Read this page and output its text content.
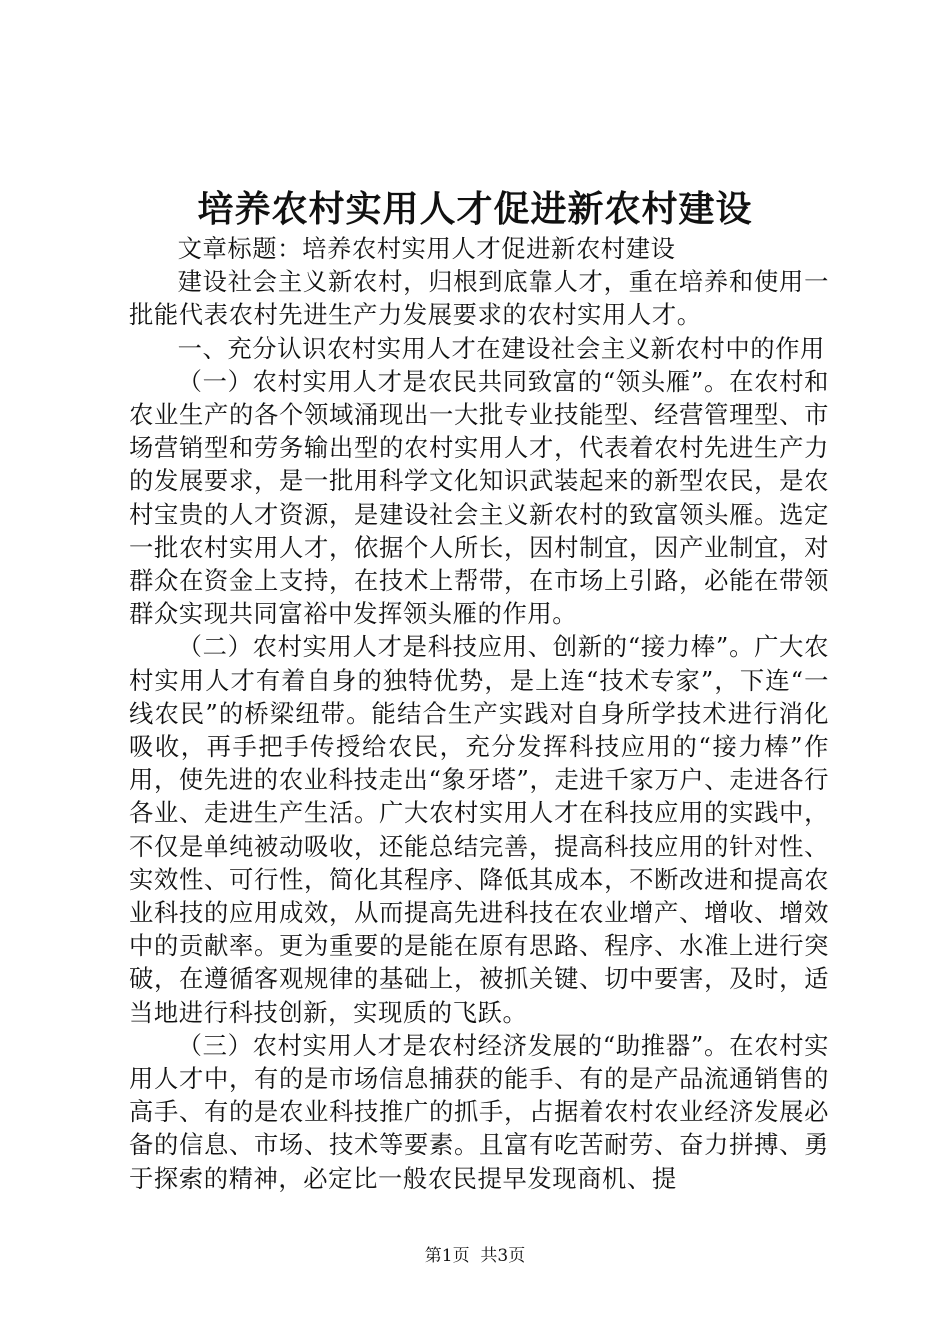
培养农村实用人才促进新农村建设

文章标题：培养农村实用人才促进新农村建设

建设社会主义新农村，归根到底靠人才，重在培养和使用一批能代表农村先进生产力发展要求的农村实用人才。

一、充分认识农村实用人才在建设社会主义新农村中的作用

（一）农村实用人才是农民共同致富的“领头雁”。在农村和农业生产的各个领域涌现出一大批专业技能型、经营管理型、市场营销型和劳务输出型的农村实用人才，代表着农村先进生产力的发展要求，是一批用科学文化知识武装起来的新型农民，是农村宝贵的人才资源，是建设社会主义新农村的致富领头雁。选定一批农村实用人才，依据个人所长，因村制宜，因产业制宜，对群众在资金上支持，在技术上帮带，在市场上引路，必能在带领群众实现共同富裕中发挥领头雁的作用。

（二）农村实用人才是科技应用、创新的“接力棒”。广大农村实用人才有着自身的独特优势，是上连“技术专家”，下连“一线农民”的桥梁纽带。能结合生产实践对自身所学技术进行消化吸收，再手把手传授给农民，充分发挥科技应用的“接力棒”作用，使先进的农业科技走出“象牙塔”，走进千家万户、走进各行各业、走进生产生活。广大农村实用人才在科技应用的实践中，不仅是单纯被动吸收，还能总结完善，提高科技应用的针对性、实效性、可行性，简化其程序、降低其成本，不断改进和提高农业科技的应用成效，从而提高先进科技在农业增产、增收、增效中的贡献率。更为重要的是能在原有思路、程序、水准上进行突破，在遵循客观规律的基础上，被抓关键、切中要害，及时，适当地进行科技创新，实现质的飞跃。

（三）农村实用人才是农村经济发展的“助推器”。在农村实用人才中，有的是市场信息捕获的能手、有的是产品流通销售的高手、有的是农业科技推广的抓手，占据着农村农业经济发展必备的信息、市场、技术等要素。且富有吃苦耐劳、奋力拼搏、勇于探索的精神，必定比一般农民提早发现商机、提

第1页  共3页
